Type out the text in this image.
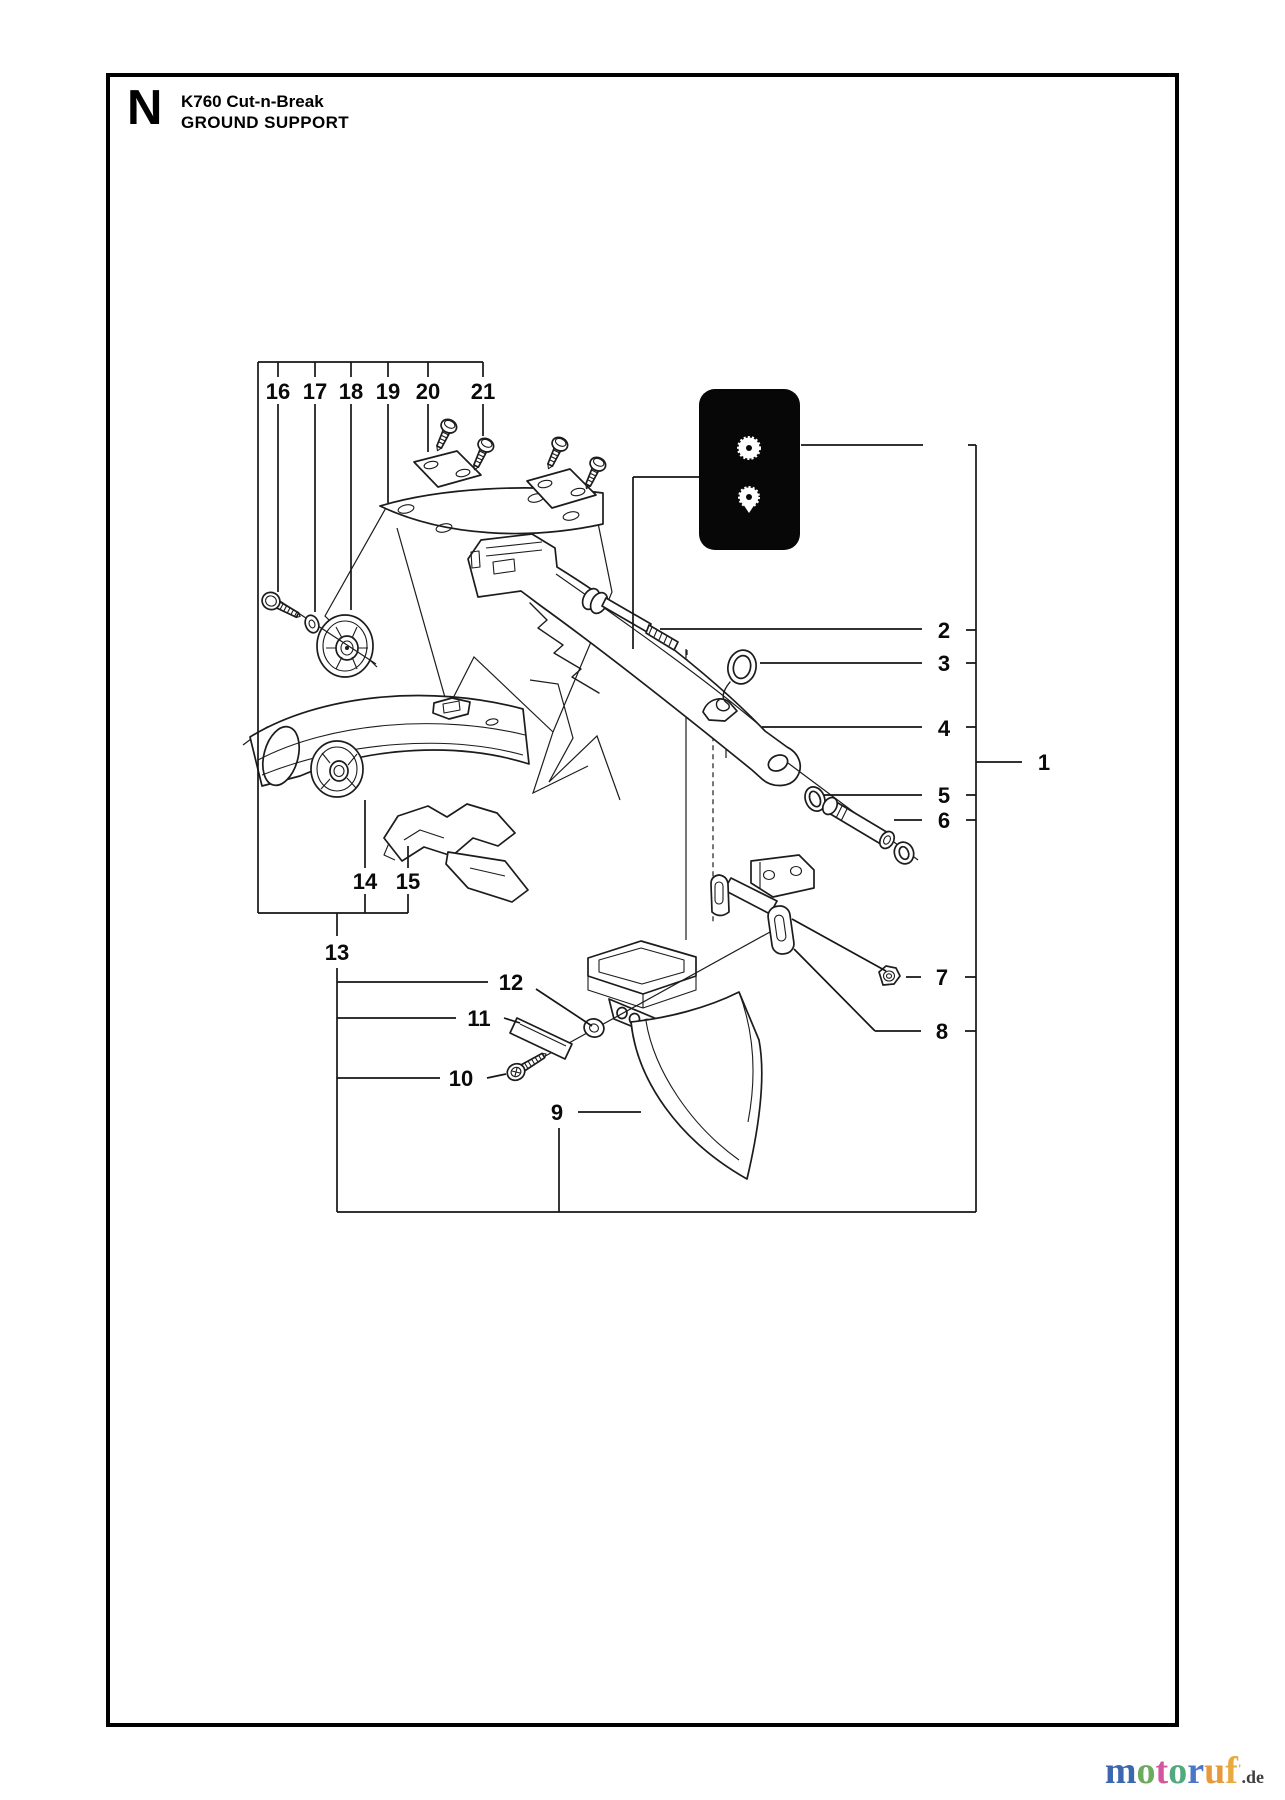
N K760 Cut-n-Break
GROUND SUPPORT
1
2
3
4
5
6
7
8
9
10
11
12
13
14 15
16 17 18 19 20 21
motoruf'.de
